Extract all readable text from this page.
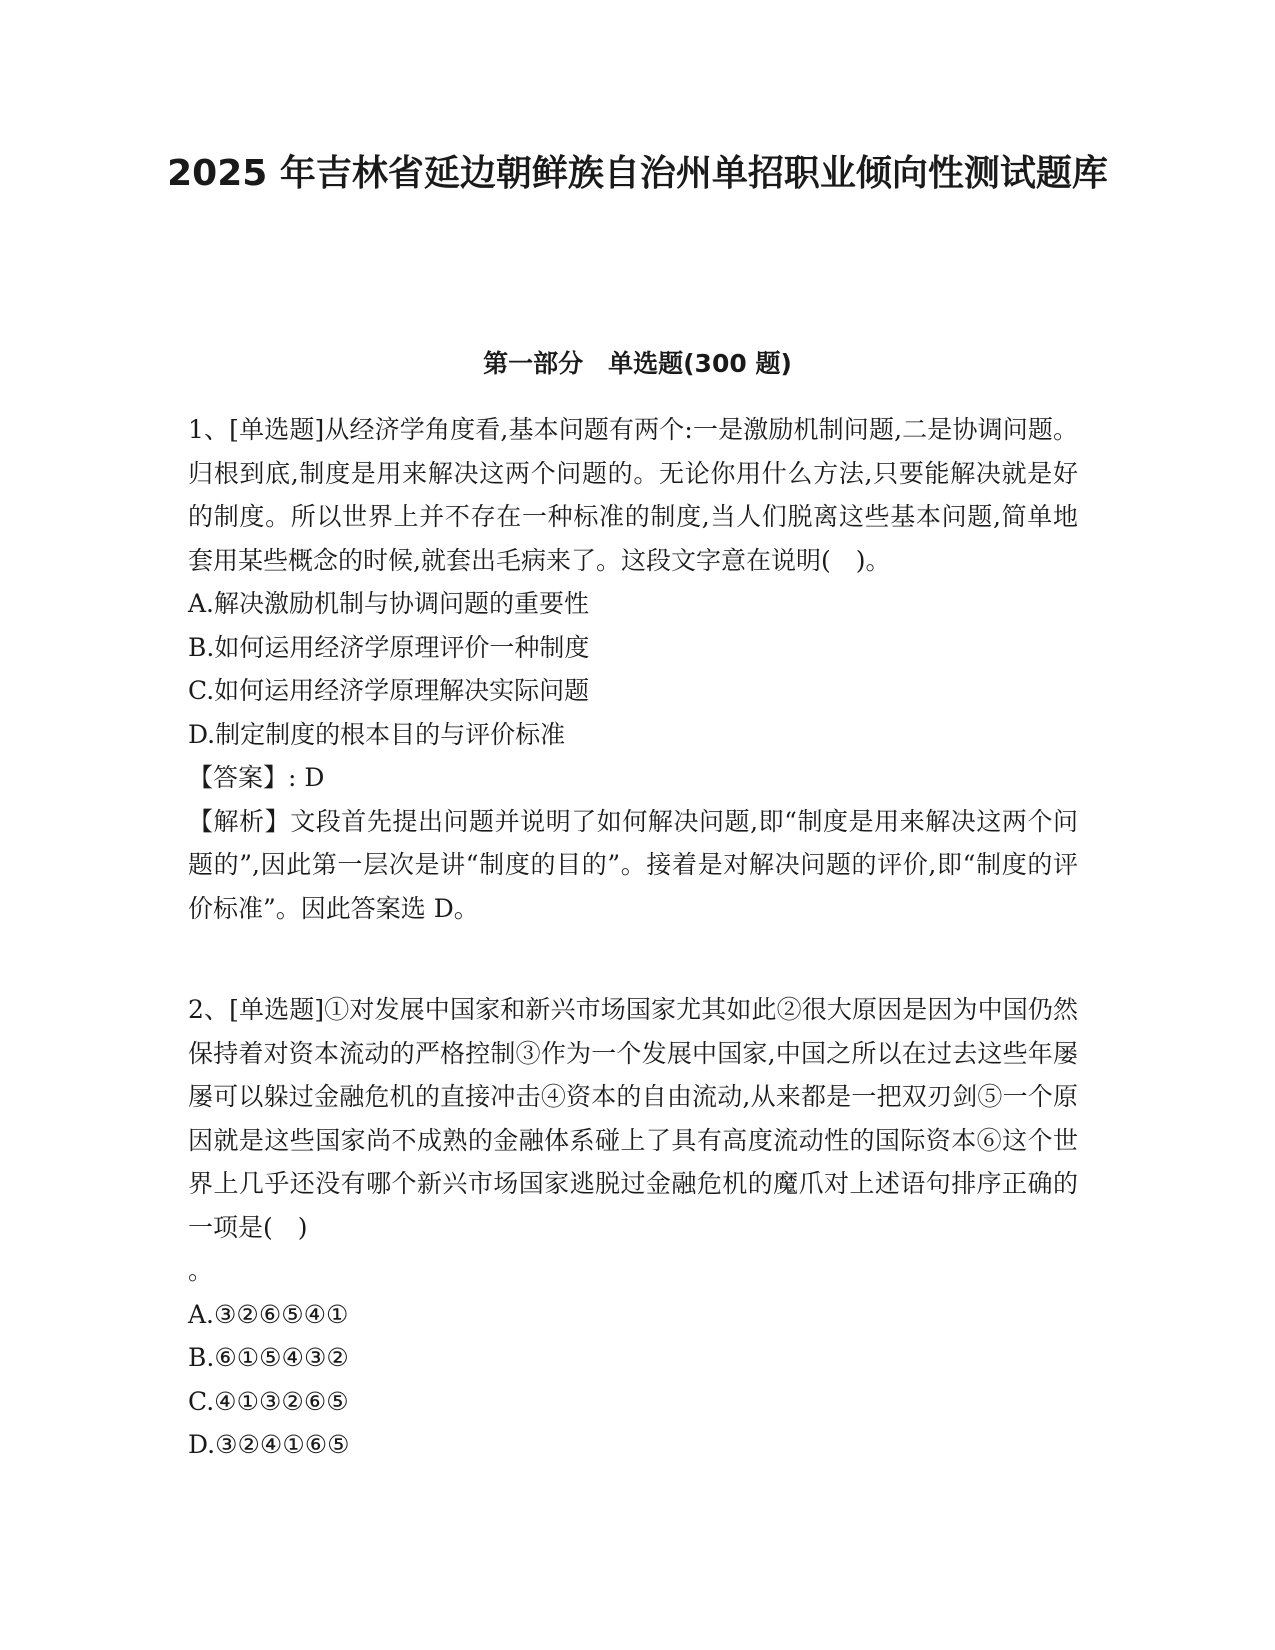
2025 年吉林省延边朝鲜族自治州单招职业倾向性测试题库
第一部分　单选题(300 题)

1、[单选题]从经济学角度看,基本问题有两个:一是激励机制问题,二是协调问题。归根到底,制度是用来解决这两个问题的。无论你用什么方法,只要能解决就是好的制度。所以世界上并不存在一种标准的制度,当人们脱离这些基本问题,简单地套用某些概念的时候,就套出毛病来了。这段文字意在说明(　)。

A.解决激励机制与协调问题的重要性
B.如何运用经济学原理评价一种制度
C.如何运用经济学原理解决实际问题
D.制定制度的根本目的与评价标准

【答案】: D

【解析】文段首先提出问题并说明了如何解决问题,即“制度是用来解决这两个问题的”,因此第一层次是讲“制度的目的”。接着是对解决问题的评价,即“制度的评价标准”。因此答案选 D。

2、[单选题]①对发展中国家和新兴市场国家尤其如此②很大原因是因为中国仍然保持着对资本流动的严格控制③作为一个发展中国家,中国之所以在过去这些年屡屡可以躲过金融危机的直接冲击④资本的自由流动,从来都是一把双刃剑⑤一个原因就是这些国家尚不成熟的金融体系碰上了具有高度流动性的国际资本⑥这个世界上几乎还没有哪个新兴市场国家逃脱过金融危机的魔爪对上述语句排序正确的一项是(　)

。

A.③②⑥⑤④①
B.⑥①⑤④③②
C.④①③②⑥⑤
D.③②④①⑥⑤
